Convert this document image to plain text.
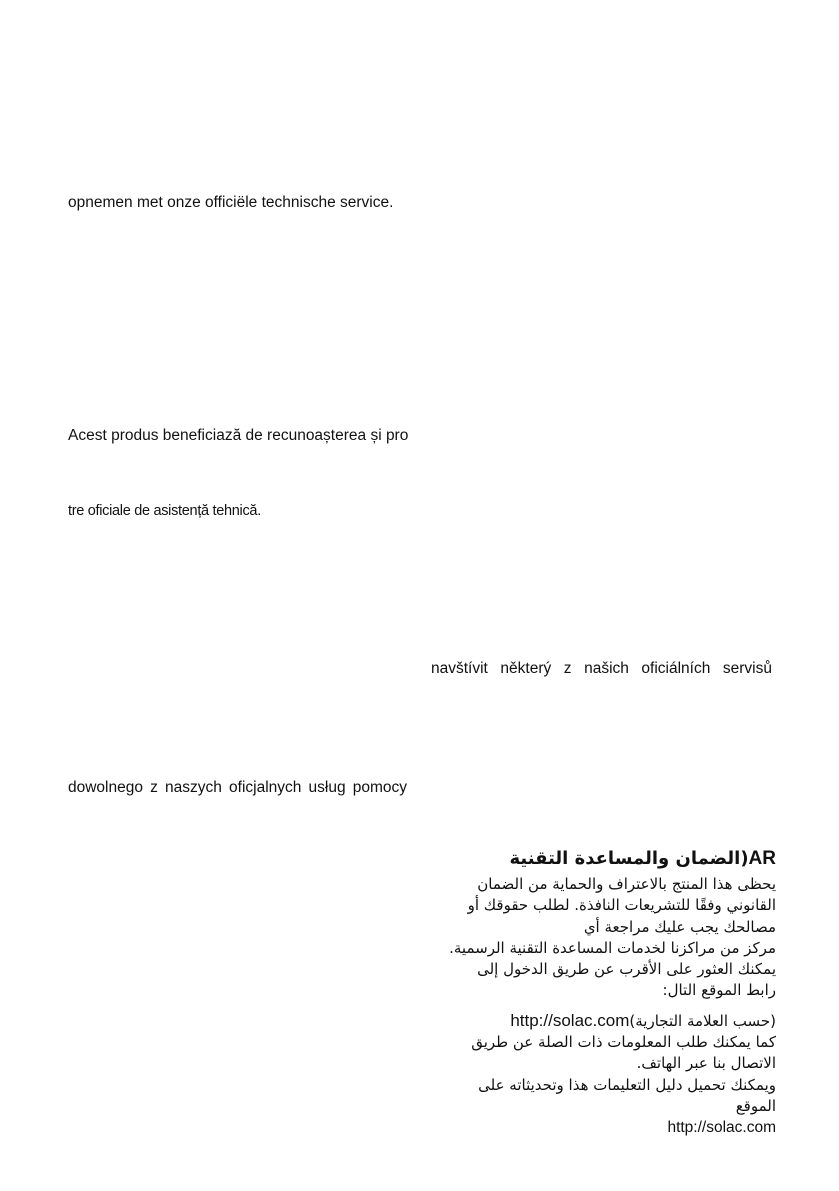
opnemen met onze officiële technische service.
Acest produs beneficiază de recunoașterea și pro
tre oficiale de asistență tehnică.
navštívit některý z našich oficiálních servisů
dowolnego z naszych oficjalnych usług pomocy
AR(الضمان والمساعدة التقنية
يحظى هذا المنتج بالاعتراف والحماية من الضمان
القانوني وفقًا للتشريعات النافذة. لطلب حقوقك أو
مصالحك يجب عليك مراجعة أي
مركز من مراكزنا لخدمات المساعدة التقنية الرسمية.
يمكنك العثور على الأقرب عن طريق الدخول إلى
رابط الموقع التال:
(حسب العلامة التجارية)http://solac.com
كما يمكنك طلب المعلومات ذات الصلة عن طريق
الاتصال بنا عبر الهاتف.
ويمكنك تحميل دليل التعليمات هذا وتحديثاته على
الموقع
http://solac.com
